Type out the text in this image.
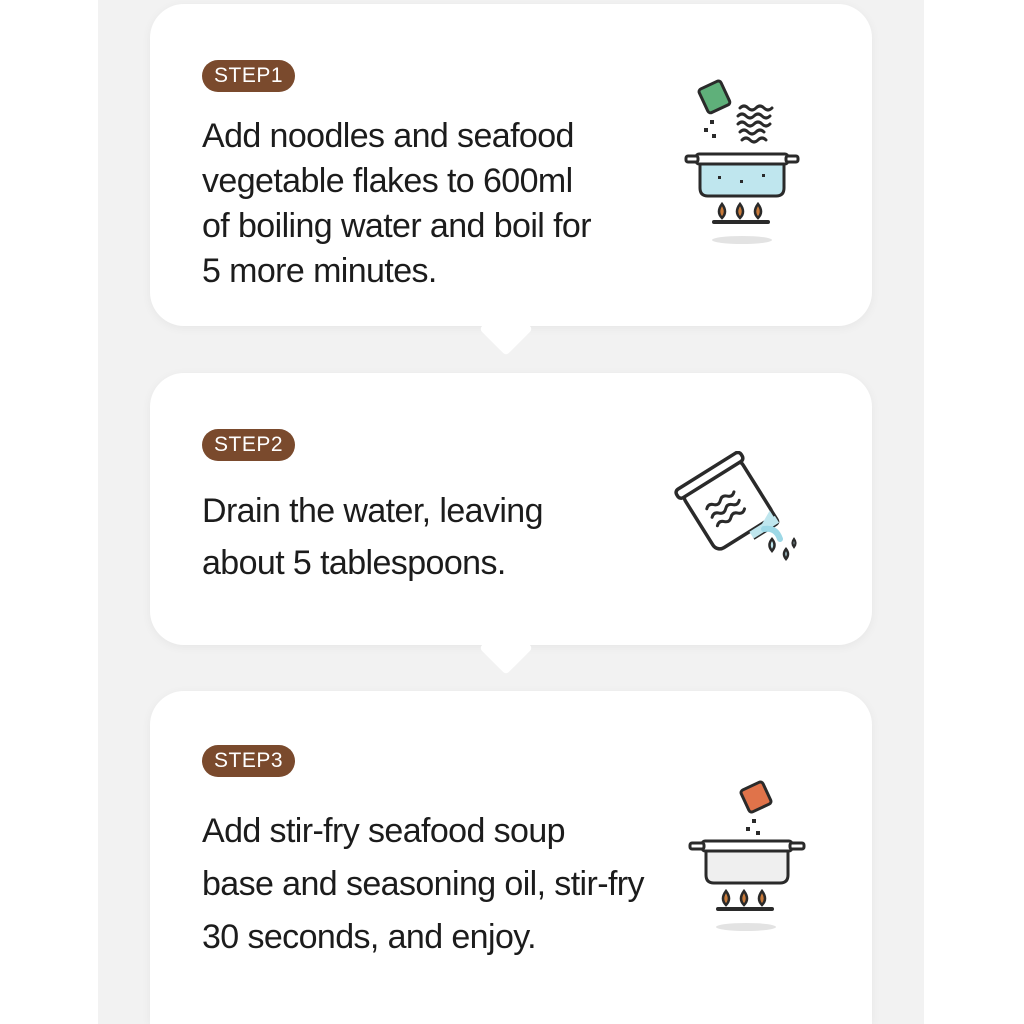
STEP1
Add noodles and seafood
vegetable flakes to 600ml
of boiling water and boil for
5 more minutes.
STEP2
Drain the water, leaving
about 5 tablespoons.
STEP3
Add stir-fry seafood soup
base and seasoning oil, stir-fry
30 seconds, and enjoy.
